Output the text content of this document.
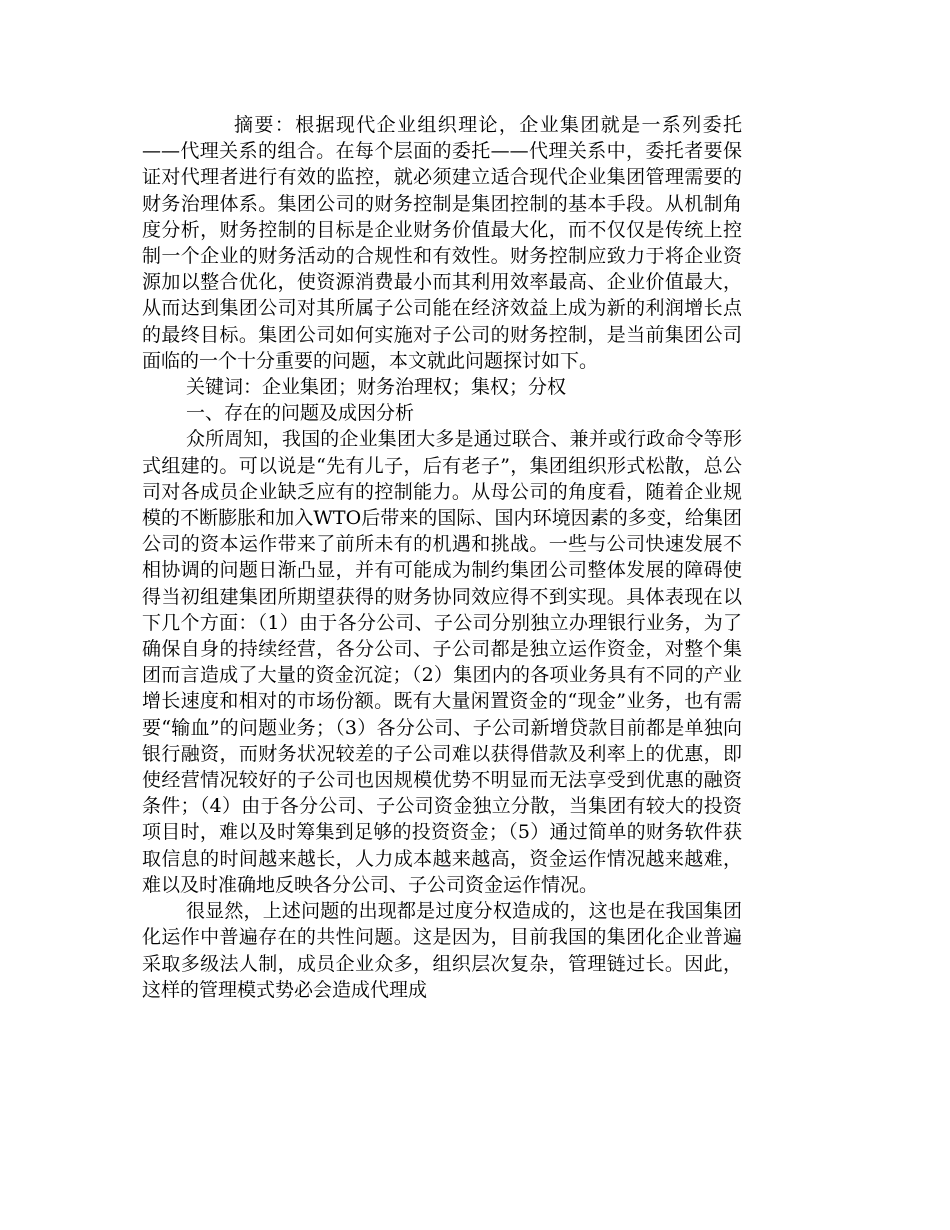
摘要：根据现代企业组织理论，企业集团就是一系列委托——代理关系的组合。在每个层面的委托——代理关系中，委托者要保证对代理者进行有效的监控，就必须建立适合现代企业集团管理需要的财务治理体系。集团公司的财务控制是集团控制的基本手段。从机制角度分析，财务控制的目标是企业财务价值最大化，而不仅仅是传统上控制一个企业的财务活动的合规性和有效性。财务控制应致力于将企业资源加以整合优化，使资源消费最小而其利用效率最高、企业价值最大，从而达到集团公司对其所属子公司能在经济效益上成为新的利润增长点的最终目标。集团公司如何实施对子公司的财务控制，是当前集团公司面临的一个十分重要的问题，本文就此问题探讨如下。

关键词：企业集团；财务治理权；集权；分权

一、存在的问题及成因分析

众所周知，我国的企业集团大多是通过联合、兼并或行政命令等形式组建的。可以说是“先有儿子，后有老子”，集团组织形式松散，总公司对各成员企业缺乏应有的控制能力。从母公司的角度看，随着企业规模的不断膨胀和加入WTO后带来的国际、国内环境因素的多变，给集团公司的资本运作带来了前所未有的机遇和挑战。一些与公司快速发展不相协调的问题日渐凸显，并有可能成为制约集团公司整体发展的障碍使得当初组建集团所期望获得的财务协同效应得不到实现。具体表现在以下几个方面：（1）由于各分公司、子公司分别独立办理银行业务，为了确保自身的持续经营，各分公司、子公司都是独立运作资金，对整个集团而言造成了大量的资金沉淀；（2）集团内的各项业务具有不同的产业增长速度和相对的市场份额。既有大量闲置资金的“现金”业务，也有需要“输血”的问题业务；（3）各分公司、子公司新增贷款目前都是单独向银行融资，而财务状况较差的子公司难以获得借款及利率上的优惠，即使经营情况较好的子公司也因规模优势不明显而无法享受到优惠的融资条件；（4）由于各分公司、子公司资金独立分散，当集团有较大的投资项目时，难以及时筹集到足够的投资资金；（5）通过简单的财务软件获取信息的时间越来越长，人力成本越来越高，资金运作情况越来越难，难以及时准确地反映各分公司、子公司资金运作情况。

很显然，上述问题的出现都是过度分权造成的，这也是在我国集团化运作中普遍存在的共性问题。这是因为，目前我国的集团化企业普遍采取多级法人制，成员企业众多，组织层次复杂，管理链过长。因此，这样的管理模式势必会造成代理成
